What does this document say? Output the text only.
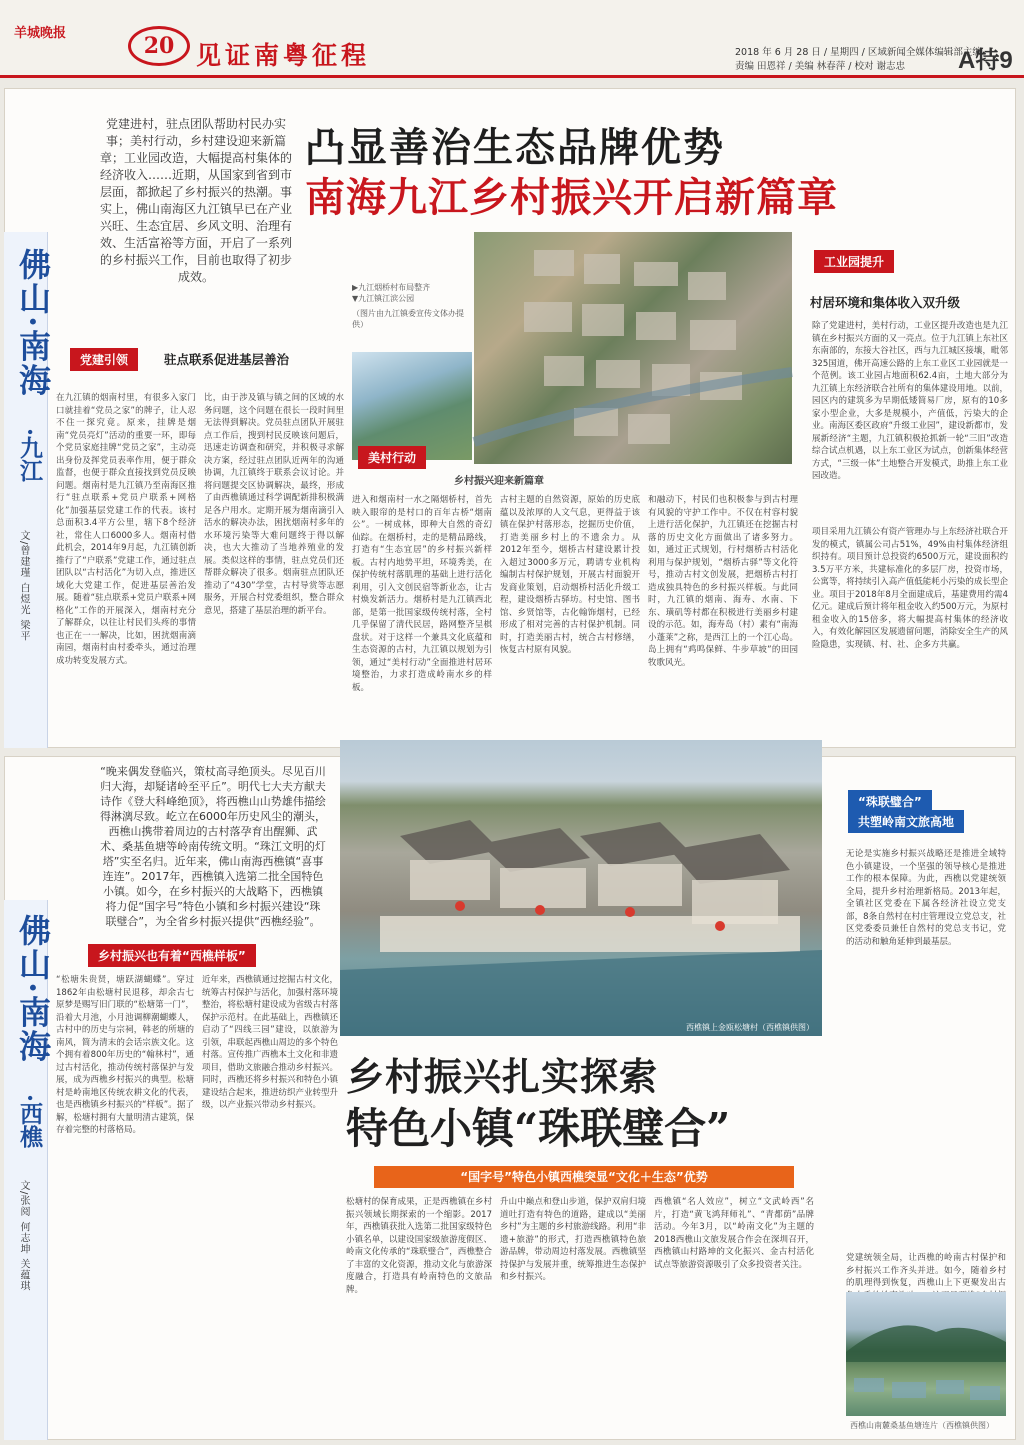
羊城晚报	20 见证南粤征程	2018 年 6 月 28 日 / 星期四 / 区域新闻全媒体编辑部主编
责编 田恩祥 / 美编 林春萍 / 校对 谢志忠 A特9
佛山·南海
·九江
文/曾建瑾 白煜光 梁平
党建进村，驻点团队帮助村民办实事；美村行动，乡村建设迎来新篇章；工业园改造，大幅提高村集体的经济收入……近期，从国家到省到市层面，都掀起了乡村振兴的热潮。事实上，佛山南海区九江镇早已在产业兴旺、生态宜居、乡风文明、治理有效、生活富裕等方面，开启了一系列的乡村振兴工作，目前也取得了初步成效。
凸显善治生态品牌优势
南海九江乡村振兴开启新篇章
▶九江烟桥村布局整齐
▼九江镇江滨公园
（图片由九江镇委宣传文体办提供）
美村行动
乡村振兴迎来新篇章
党建引领	驻点联系促进基层善治
工业园提升
村居环境和集体收入双升级
在九江镇的烟南村里，有很多入家门口就挂着“党员之家”的牌子，让人忍不住一探究竟。原来，挂牌是烟南“党员亮灯”活动的重要一环，即每个党员家庭挂牌“党员之家”，主动亮出身份及挥党员表率作用，便于群众监督，也便于群众直接找到党员反映问题。烟南村是九江镇乃至南海区推行“驻点联系+党员户联系+网格化”加强基层党建工作的代表。该村总面积3.4平方公里，辖下8个经济社，常住人口6000多人。烟南村借此机会，2014年9月起，九江镇创新推行了“户联系”党建工作，通过驻点团队以“古村活化”为切入点，推进区域化大党建工作，促进基层善治发展。随着“驻点联系+党员户联系+网格化”工作的开展深入，烟南村充分了解群众，以往让村民们头疼的事情也正在一一解决，比如，困扰烟南滴南园，烟南村由村委牵头，通过治理成功转变发展方式。
比，由于涉及镇与镇之间的区域的水务问题，这个问题在很长一段时间里无法得到解决。党员驻点团队开展驻点工作后，搜到村民反映该问题后，迅速走访调查和研究，并积极寻求解决方案，经过驻点团队近两年的沟通协调，九江镇终于联系会议讨论。并将问题提交区协调解决，最终，形成了由西樵镇通过科学调配新排积极满足各户用水。定期开展为烟南滴引入活水的解决办法，困扰烟南村多年的水环境污染等大难问题终于得以解决，也大大推动了当地养殖业的发展。类似这样的事情，驻点党员们还帮群众解决了很多。烟南驻点团队还推动了“430”学堂，古村导赏等志愿服务，开展合村党委组织，整合群众意见，搭建了基层治理的新平台。
进入和烟南村一水之隔烟桥村，首先映入眼帘的是村口的百年古桥“烟南公”。一树成林，即种大自然的奇幻仙踪。在烟桥村，走的是精品路线，打造有“生态宜居”的乡村振兴新样板。古村内地势平坦，环境秀美，在保护传统村落肌理的基础上进行活化利用，引入文创民宿等新业态，让古村焕发新活力。烟桥村是九江镇西北部，是第一批国家级传统村落，全村几乎保留了清代民居，路网整齐呈棋盘状。对于这样一个兼具文化底蕴和生态资源的古村，九江镇以规划为引领，通过“美村行动”全面推进村居环境整治，力求打造成岭南水乡的样板。
古村主题的自然资源，原始的历史底蕴以及浓厚的人文气息，更得益于该镇在保护村落形态，挖掘历史价值，打造美丽乡村上的不遗余力。从2012年至今，烟桥古村建设累计投入超过3000多万元，聘请专业机构编制古村保护规划，开展古村面貌开发商业策划，启动烟桥村活化升级工程，建设烟桥古驿坊。村史馆、图书馆、乡贤馆等，古化翰饰烟村，已经形成了相对完善的古村保护机制。同时，打造美丽古村，统合古村修缮，恢复古村原有风貌。
和融动下，村民们也积极参与到古村理有风貌的守护工作中。不仅在村容村貌上进行活化保护，九江镇还在挖掘古村落的历史文化方面做出了诸多努力。如，通过正式规划，行村烟桥古村活化利用与保护规划，“烟桥古驿”等文化符号，推动古村文创发展，把烟桥古村打造成独具特色的乡村振兴样板。与此同时，九江镇的烟南、海寿、水南、下东、璜矶等村都在积极进行美丽乡村建设的示范。如，海寿岛（村）素有“南海小蓬莱”之称，是西江上的一个江心岛。岛上拥有“鸡鸣保鲜、牛步草坡”的田园牧歌风光。
除了党建进村，美村行动，工业区提升改造也是九江镇在乡村振兴方面的又一亮点。位于九江镇上东社区东南部的，东接大谷社区，西与九江城区接壤，毗邻325国道，佛开高速公路的上东工业区工业园就是一个范例。该工业园占地面积62.4亩，土地大部分为九江镇上东经济联合社所有的集体建设用地。以前，园区内的建筑多为早期低矮简易厂房，原有的10多家小型企业，大多是规模小，产值低，污染大的企业。南海区委区政府“升级工业园”，建设新都市，发展新经济“主题，九江镇积极抢抓新一轮“三旧”改造综合试点机遇，以上东工业区为试点，创新集体经营方式，“三级一体”土地整合开发模式，助推上东工业园改造。
项目采用九江镇公有资产管理办与上东经济社联合开发的模式，镇属公司占51%，49%由村集体经济组织持有。项目预计总投资约6500万元，建设面积约3.5万平方米，共建标准化的多层厂房，投资市场，公寓等，将持续引入高产值低能耗小污染的成长型企业。项目于2018年8月全面建成后，基建费用约需4亿元。建成后预计将年租金收入约500万元，为原村租金收入的15倍多，将大幅提高村集体的经济收入，有效化解园区发展遗留问题，消除安全生产的风险隐患，实现镇、村、社、企多方共赢。
佛山·南海
·西樵
文/张阅 何志坤 关蕴琪
“晚来偶发登临兴，策杖高寻绝顶头。尽见百川归大海，却疑诸岭至平丘”。明代七大夫方献夫诗作《登大科峰绝顶》，将西樵山山势雄伟描绘得淋漓尽致。屹立在6000年历史风尘的潮头，西樵山携带着周边的古村落孕育出醒狮、武术、桑基鱼塘等岭南传统文明。“珠江文明的灯塔”实至名归。近年来，佛山南海西樵镇“喜事连连”。2017年，西樵镇入选第二批全国特色小镇。如今，在乡村振兴的大战略下，西樵镇将力促“国字号”特色小镇和乡村振兴建设“珠联璧合”，为全省乡村振兴提供“西樵经验”。
乡村振兴也有着“西樵样板”
西樵镇上金瓯松塘村（西樵镇供图）
乡村振兴扎实探索
特色小镇“珠联璧合”
“国字号”特色小镇西樵突显“文化＋生态”优势
“珠联璧合”
共塑岭南文旅高地
“松塘朱贵贤，塘跃湖蝴蝶”。穿过1862年由松塘村民退移，却余古七原梦是赐写旧门联的“松塘第一门”，沿着大月池，小月池调柳潮蝴蝶人，古村中的历史与宗祠，韩老的所塘的南风，简为清末的会话宗族文化。这个拥有着800年历史的“翰林村”，通过古村活化，推动传统村落保护与发展，成为西樵乡村振兴的典型。松塘村是岭南地区传统农耕文化的代表，也是西樵镇乡村振兴的“样板”。据了解，松塘村拥有大量明清古建筑，保存着完整的村落格局。
近年来，西樵镇通过挖掘古村文化，统筹古村保护与活化，加强村落环境整治，将松塘村建设成为省级古村落保护示范村。在此基础上，西樵镇还启动了“四线三园”建设，以旅游为引领，串联起西樵山周边的多个特色村落。宣传推广西樵本土文化和非遗项目，借助文旅融合推动乡村振兴。同时，西樵还将乡村振兴和特色小镇建设结合起来，推进纺织产业转型升级，以产业振兴带动乡村振兴。
松塘村的保育成果，正是西樵镇在乡村振兴领域长期探索的一个缩影。2017年，西樵镇获批入选第二批国家级特色小镇名单，以建设国家级旅游度假区、岭南文化传承的“珠联璧合”，西樵整合了丰富的文化资源，推动文化与旅游深度融合，打造具有岭南特色的文旅品牌。
升山中巅点和登山步道，保护双肩归境道吐打造有特色的道路，建成以“美丽乡村”为主题的乡村旅游线路。利用“非遗+旅游”的形式，打造西樵镇特色旅游品牌，带动周边村落发展。西樵镇坚持保护与发展并重，统筹推进生态保护和乡村振兴。
西樵镇“名人效应”，树立“文武岭西”名片，打造“黄飞鸿拜师礼”、“青都荫”品牌活动。今年3月，以“岭南文化”为主题的2018西樵山文旅发展合作会在深圳召开，西樵镇山村路坤的文化振兴、金古村活化试点等旅游资源吸引了众多投资者关注。
无论是实施乡村振兴战略还是推进全域特色小镇建设，一个坚强的领导核心是推进工作的根本保障。为此，西樵以党建统领全局，提升乡村治理新格局。2013年起，全镇社区党委在下属各经济社设立党支部，8条自然村在村庄管理设立党总支，社区党委委员兼任自然村的党总支书记，党的活动和触角延伸到最基层。
党建统领全局，让西樵的岭南古村保护和乡村振兴工作齐头并进。如今，随着乡村的肌理得到恢复，西樵山上下更聚发出古
西樵山南麓桑基鱼塘连片（西樵镇供图）
